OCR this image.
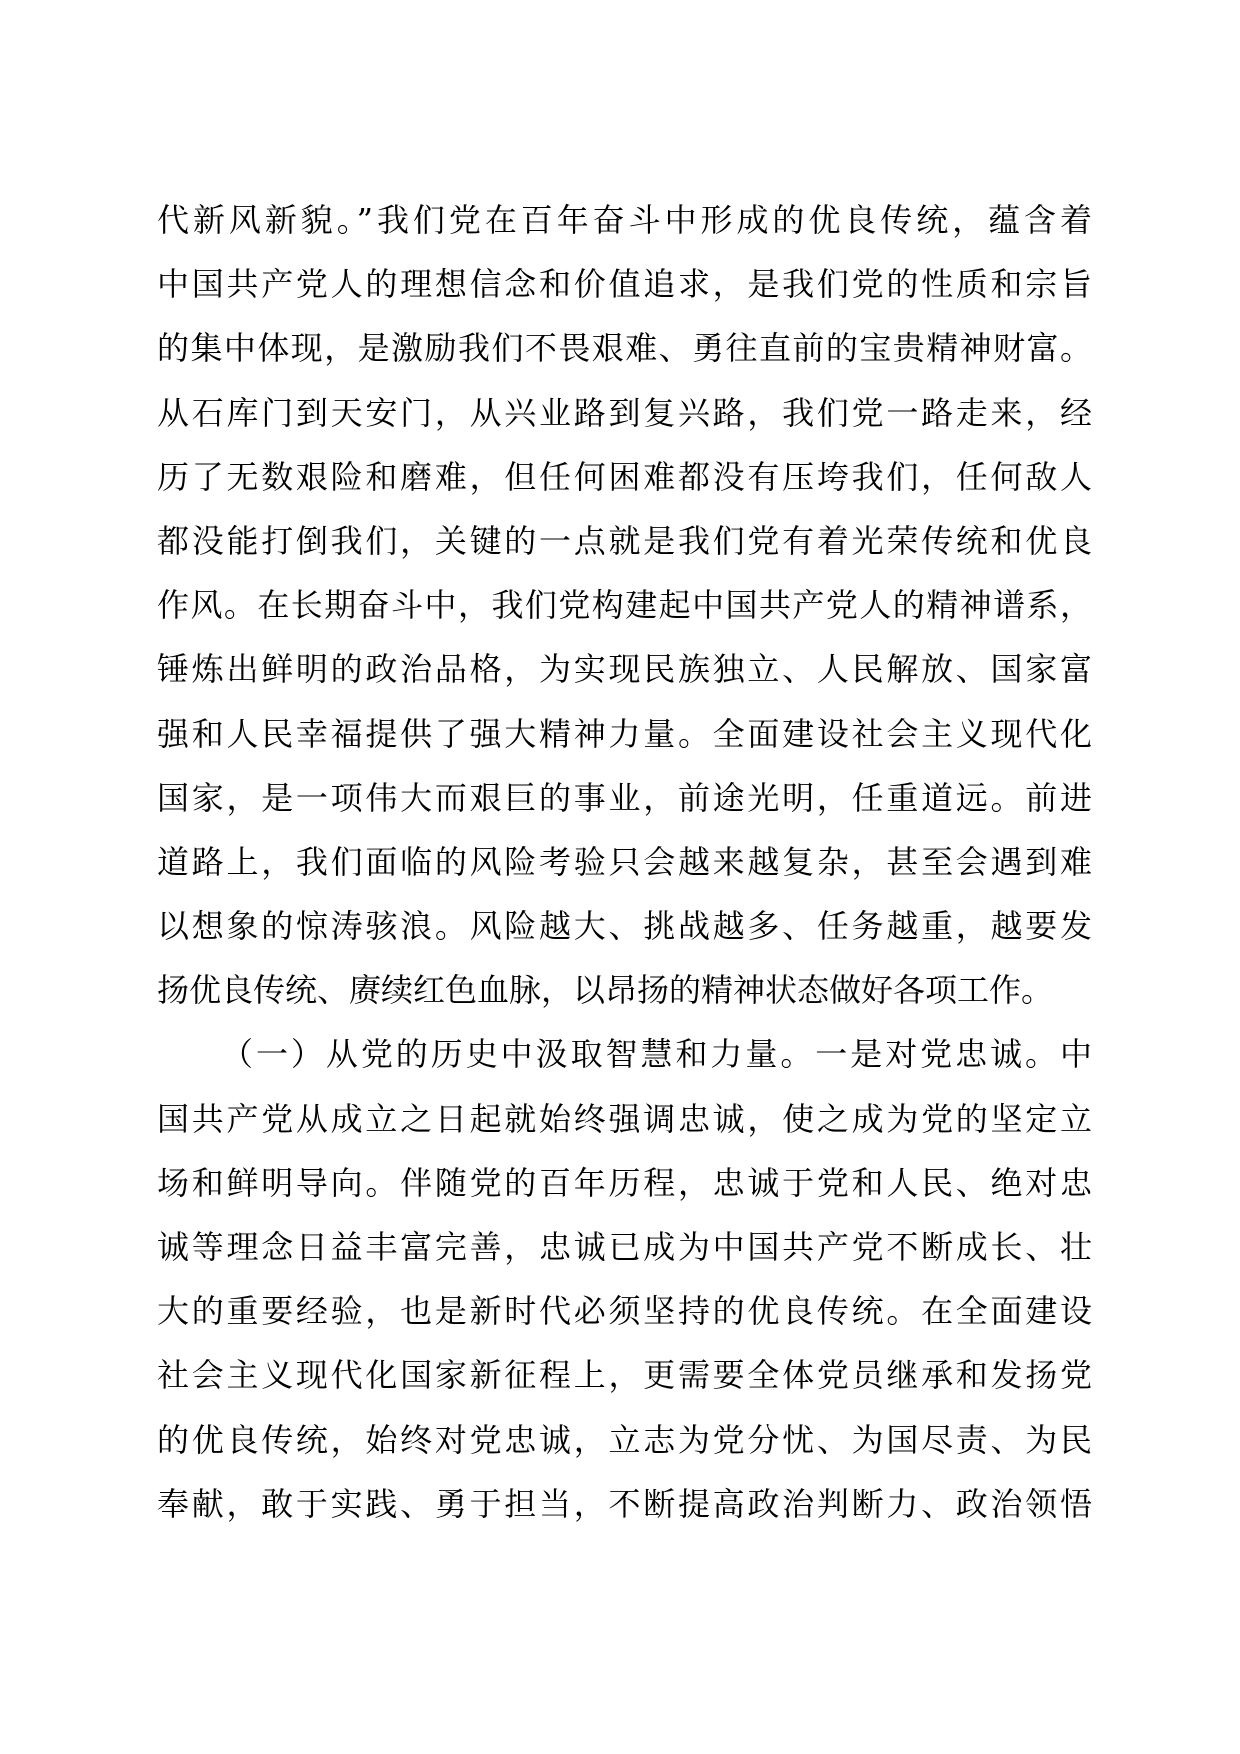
代新风新貌。”我们党在百年奋斗中形成的优良传统，蕴含着
中国共产党人的理想信念和价值追求，是我们党的性质和宗旨
的集中体现，是激励我们不畏艰难、勇往直前的宝贵精神财富。
从石库门到天安门，从兴业路到复兴路，我们党一路走来，经
历了无数艰险和磨难，但任何困难都没有压垮我们，任何敌人
都没能打倒我们，关键的一点就是我们党有着光荣传统和优良
作风。在长期奋斗中，我们党构建起中国共产党人的精神谱系，
锤炼出鲜明的政治品格，为实现民族独立、人民解放、国家富
强和人民幸福提供了强大精神力量。全面建设社会主义现代化
国家，是一项伟大而艰巨的事业，前途光明，任重道远。前进
道路上，我们面临的风险考验只会越来越复杂，甚至会遇到难
以想象的惊涛骇浪。风险越大、挑战越多、任务越重，越要发
扬优良传统、赓续红色血脉，以昂扬的精神状态做好各项工作。
（一）从党的历史中汲取智慧和力量。一是对党忠诚。中
国共产党从成立之日起就始终强调忠诚，使之成为党的坚定立
场和鲜明导向。伴随党的百年历程，忠诚于党和人民、绝对忠
诚等理念日益丰富完善，忠诚已成为中国共产党不断成长、壮
大的重要经验，也是新时代必须坚持的优良传统。在全面建设
社会主义现代化国家新征程上，更需要全体党员继承和发扬党
的优良传统，始终对党忠诚，立志为党分忧、为国尽责、为民
奉献，敢于实践、勇于担当，不断提高政治判断力、政治领悟
